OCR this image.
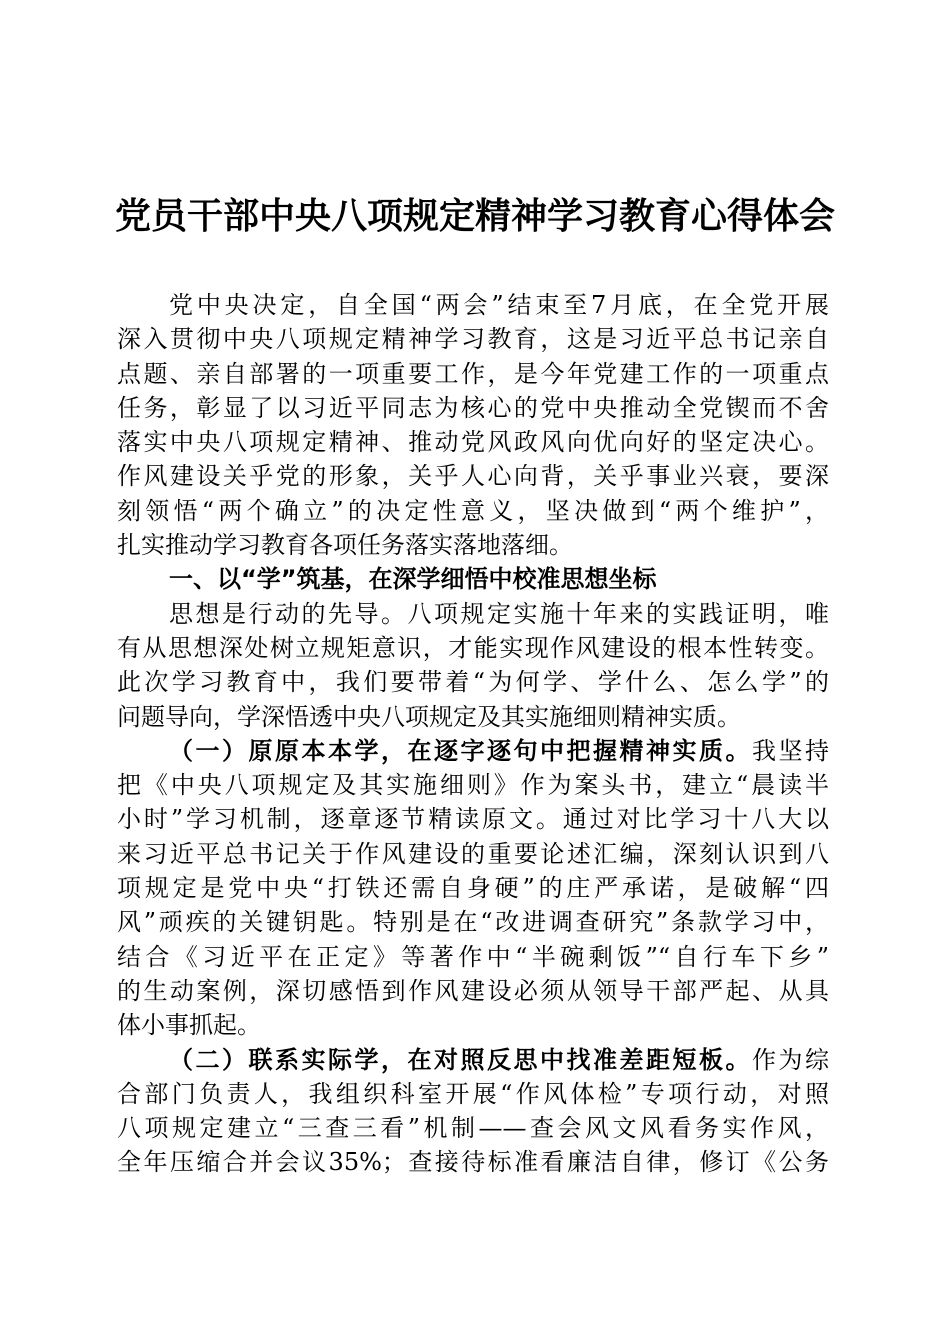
党员干部中央八项规定精神学习教育心得体会
党中央决定，自全国“两会”结束至7月底，在全党开展
深入贯彻中央八项规定精神学习教育，这是习近平总书记亲自
点题、亲自部署的一项重要工作，是今年党建工作的一项重点
任务，彰显了以习近平同志为核心的党中央推动全党锲而不舍
落实中央八项规定精神、推动党风政风向优向好的坚定决心。
作风建设关乎党的形象，关乎人心向背，关乎事业兴衰，要深
刻领悟“两个确立”的决定性意义，坚决做到“两个维护”，
扎实推动学习教育各项任务落实落地落细。
一、以“学”筑基，在深学细悟中校准思想坐标
思想是行动的先导。八项规定实施十年来的实践证明，唯
有从思想深处树立规矩意识，才能实现作风建设的根本性转变。
此次学习教育中，我们要带着“为何学、学什么、怎么学”的
问题导向，学深悟透中央八项规定及其实施细则精神实质。
（一）原原本本学，在逐字逐句中把握精神实质。我坚持
把《中央八项规定及其实施细则》作为案头书，建立“晨读半
小时”学习机制，逐章逐节精读原文。通过对比学习十八大以
来习近平总书记关于作风建设的重要论述汇编，深刻认识到八
项规定是党中央“打铁还需自身硬”的庄严承诺，是破解“四
风”顽疾的关键钥匙。特别是在“改进调查研究”条款学习中，
结合《习近平在正定》等著作中“半碗剩饭”“自行车下乡”
的生动案例，深切感悟到作风建设必须从领导干部严起、从具
体小事抓起。
（二）联系实际学，在对照反思中找准差距短板。作为综
合部门负责人，我组织科室开展“作风体检”专项行动，对照
八项规定建立“三查三看”机制——查会风文风看务实作风，
全年压缩合并会议35%；查接待标准看廉洁自律，修订《公务
